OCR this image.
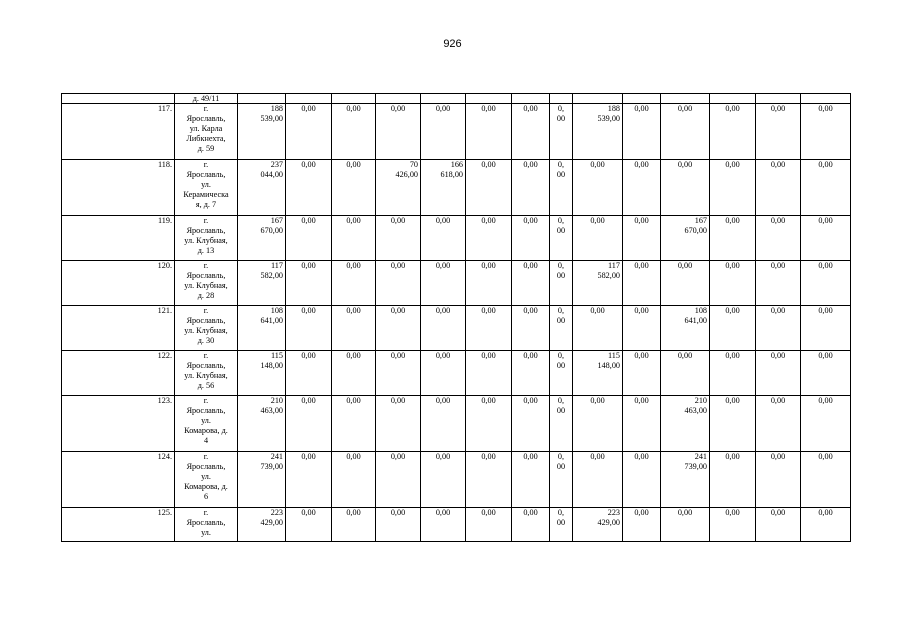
926
	д. 49/11														
117.	г.
Ярославль,
ул. Карла
Либкнехта,
д. 59	188
539,00	0,00	0,00	0,00	0,00	0,00	0,00	0,
00	188
539,00	0,00	0,00	0,00	0,00	0,00
118.	г.
Ярославль,
ул.
Керамическа
я, д. 7	237
044,00	0,00	0,00	70
426,00	166
618,00	0,00	0,00	0,
00	0,00	0,00	0,00	0,00	0,00	0,00
119.	г.
Ярославль,
ул. Клубная,
д. 13	167
670,00	0,00	0,00	0,00	0,00	0,00	0,00	0,
00	0,00	0,00	167
670,00	0,00	0,00	0,00
120.	г.
Ярославль,
ул. Клубная,
д. 28	117
582,00	0,00	0,00	0,00	0,00	0,00	0,00	0,
00	117
582,00	0,00	0,00	0,00	0,00	0,00
121.	г.
Ярославль,
ул. Клубная,
д. 30	108
641,00	0,00	0,00	0,00	0,00	0,00	0,00	0,
00	0,00	0,00	108
641,00	0,00	0,00	0,00
122.	г.
Ярославль,
ул. Клубная,
д. 56	115
148,00	0,00	0,00	0,00	0,00	0,00	0,00	0,
00	115
148,00	0,00	0,00	0,00	0,00	0,00
123.	г.
Ярославль,
ул.
Комарова, д.
4	210
463,00	0,00	0,00	0,00	0,00	0,00	0,00	0,
00	0,00	0,00	210
463,00	0,00	0,00	0,00
124.	г.
Ярославль,
ул.
Комарова, д.
6	241
739,00	0,00	0,00	0,00	0,00	0,00	0,00	0,
00	0,00	0,00	241
739,00	0,00	0,00	0,00
125.	г.
Ярославль,
ул.	223
429,00	0,00	0,00	0,00	0,00	0,00	0,00	0,
00	223
429,00	0,00	0,00	0,00	0,00	0,00
